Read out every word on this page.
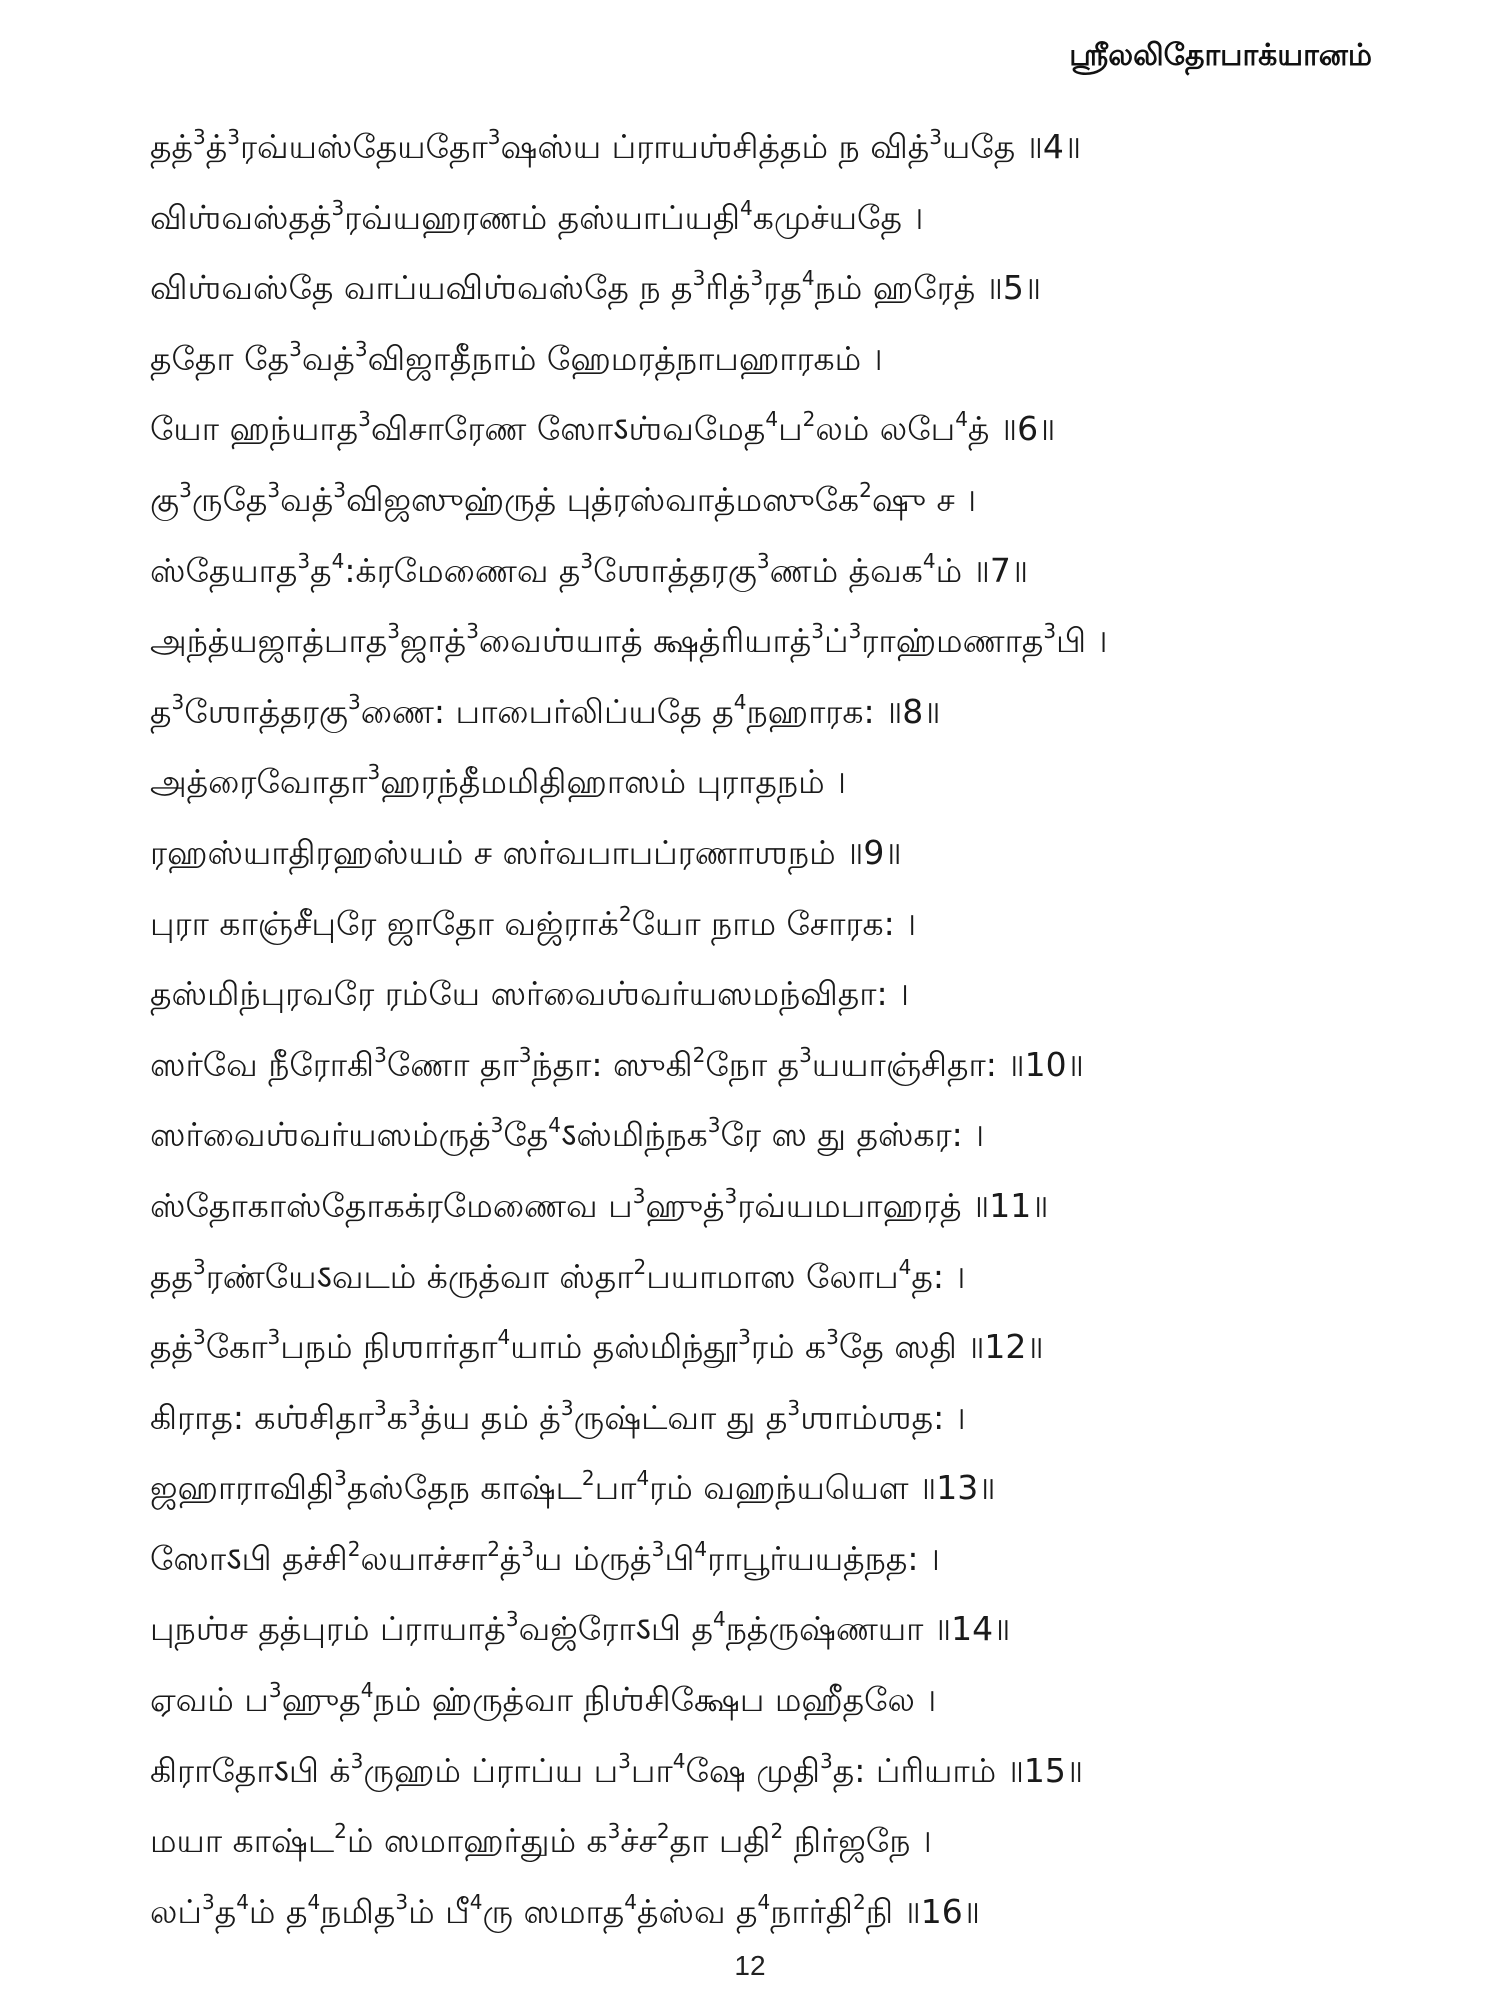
ஸ்ரீலலிதோபாக்யானம்
தத்$^3$த்$^3$ரவ்யஸ்தேயதோ$^3$ஷஸ்ய ப்ராயஶ்சித்தம் ந வித்$^3$யதே ॥4॥
விஶ்வஸ்தத்$^3$ரவ்யஹரணம் தஸ்யாப்யதி$^4$கமுச்யதே ।
விஶ்வஸ்தே வாப்யவிஶ்வஸ்தே ந த$^3$ரித்$^3$ரத$^4$நம் ஹரேத் ॥5॥
ததோ தே$^3$வத்$^3$விஜாதீநாம் ஹேமரத்நாபஹாரகம் ।
யோ ஹந்யாத$^3$விசாரேண ஸோऽஶ்வமேத$^4$ப$^2$லம் லபே$^4$த் ॥6॥
கு$^3$ருதே$^3$வத்$^3$விஜஸுஹ்ருத் புத்ரஸ்வாத்மஸுகே$^2$ஷு ச ।
ஸ்தேயாத$^3$த$^4$:க்ரமேணைவ த$^3$ஶோத்தரகு$^3$ணம் த்வக$^4$ம் ॥7॥
அந்த்யஜாத்பாத$^3$ஜாத்$^3$வைஶ்யாத் க்ஷத்ரியாத்$^3$ப்$^3$ராஹ்மணாத$^3$பி ।
த$^3$ஶோத்தரகு$^3$ணை: பாபைர்லிப்யதே த$^4$நஹாரக: ॥8॥
அத்ரைவோதா$^3$ஹரந்தீமமிதிஹாஸம் புராதநம் ।
ரஹஸ்யாதிரஹஸ்யம் ச ஸர்வபாபப்ரணாஶநம் ॥9॥
புரா காஞ்சீபுரே ஜாதோ வஜ்ராக்$^2$யோ நாம சோரக: ।
தஸ்மிந்புரவரே ரம்யே ஸர்வைஶ்வர்யஸமந்விதா: ।
ஸர்வே நீரோகி$^3$ணோ தா$^3$ந்தா: ஸுகி$^2$நோ த$^3$யயாஞ்சிதா: ॥10॥
ஸர்வைஶ்வர்யஸம்ருத்$^3$தே$^4$ऽஸ்மிந்நக$^3$ரே ஸ து தஸ்கர: ।
ஸ்தோகாஸ்தோகக்ரமேணைவ ப$^3$ஹுத்$^3$ரவ்யமபாஹரத் ॥11॥
தத$^3$ரண்யேऽவடம் க்ருத்வா ஸ்தா$^2$பயாமாஸ லோப$^4$த: ।
தத்$^3$கோ$^3$பநம் நிஶார்தா$^4$யாம் தஸ்மிந்தூ$^3$ரம் க$^3$தே ஸதி ॥12॥
கிராத: கஶ்சிதா$^3$க$^3$த்ய தம் த்$^3$ருஷ்ட்வா து த$^3$ஶாம்ஶத: ।
ஜஹாராவிதி$^3$தஸ்தேந காஷ்ட$^2$பா$^4$ரம் வஹந்யயௌ ॥13॥
ஸோऽபி தச்சி$^2$லயாச்சா$^2$த்$^3$ய ம்ருத்$^3$பி$^4$ராபூர்யயத்நத: ।
புநஶ்ச தத்புரம் ப்ராயாத்$^3$வஜ்ரோऽபி த$^4$நத்ருஷ்ணயா ॥14॥
ஏவம் ப$^3$ஹுத$^4$நம் ஹ்ருத்வா நிஶ்சிக்ஷேப மஹீதலே ।
கிராதோऽபி க்$^3$ருஹம் ப்ராப்ய ப$^3$பா$^4$ஷே முதி$^3$த: ப்ரியாம் ॥15॥
மயா காஷ்ட$^2$ம் ஸமாஹர்தும் க$^3$ச்ச$^2$தா பதி$^2$ நிர்ஜநே ।
லப்$^3$த$^4$ம் த$^4$நமித$^3$ம் பீ$^4$ரு ஸமாத$^4$த்ஸ்வ த$^4$நார்தி$^2$நி ॥16॥
12
